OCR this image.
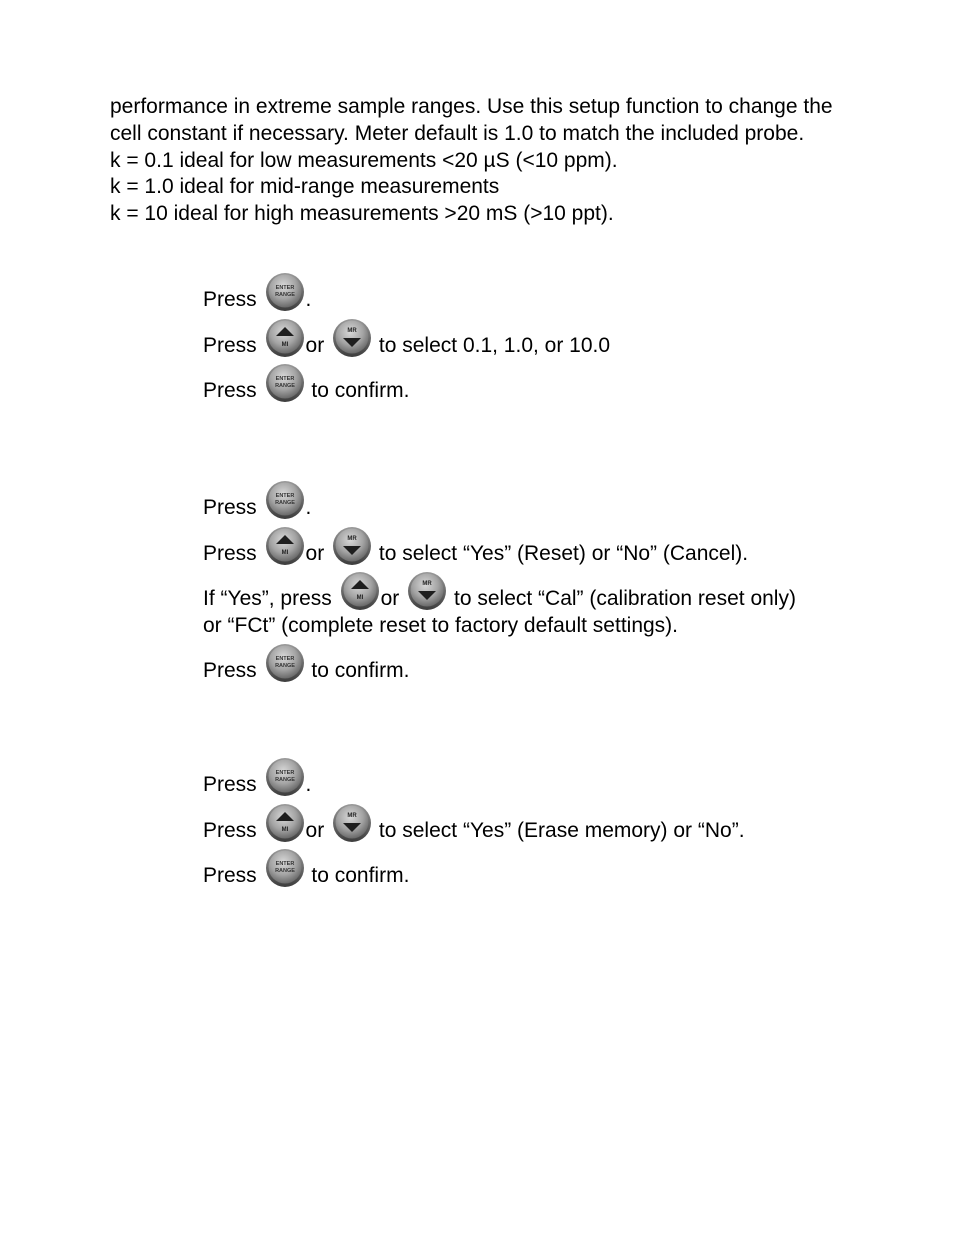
performance in extreme sample ranges. Use this setup function to change the cell constant if necessary. Meter default is 1.0 to match the included probe.

k = 0.1 ideal for low measurements <20 µS (<10 ppm).

k = 1.0 ideal for mid-range measurements

k = 10 ideal for high measurements >20 mS (>10 ppt).

Press	ENTER
RANGE .
Press	MI or
MR
to select 0.1, 1.0, or 10.0
Press	ENTER
RANGE to confirm.
Press	ENTER
RANGE .
Press	MI or
MR
to select “Yes” (Reset) or “No” (Cancel).
If “Yes”, press	MI or
MR
to select “Cal” (calibration reset only) or “FCt” (complete reset to factory default settings).
Press	ENTER
RANGE to confirm.
Press	ENTER
RANGE .
Press	MI or
MR
to select “Yes” (Erase memory) or “No”.
Press	ENTER
RANGE to confirm.
